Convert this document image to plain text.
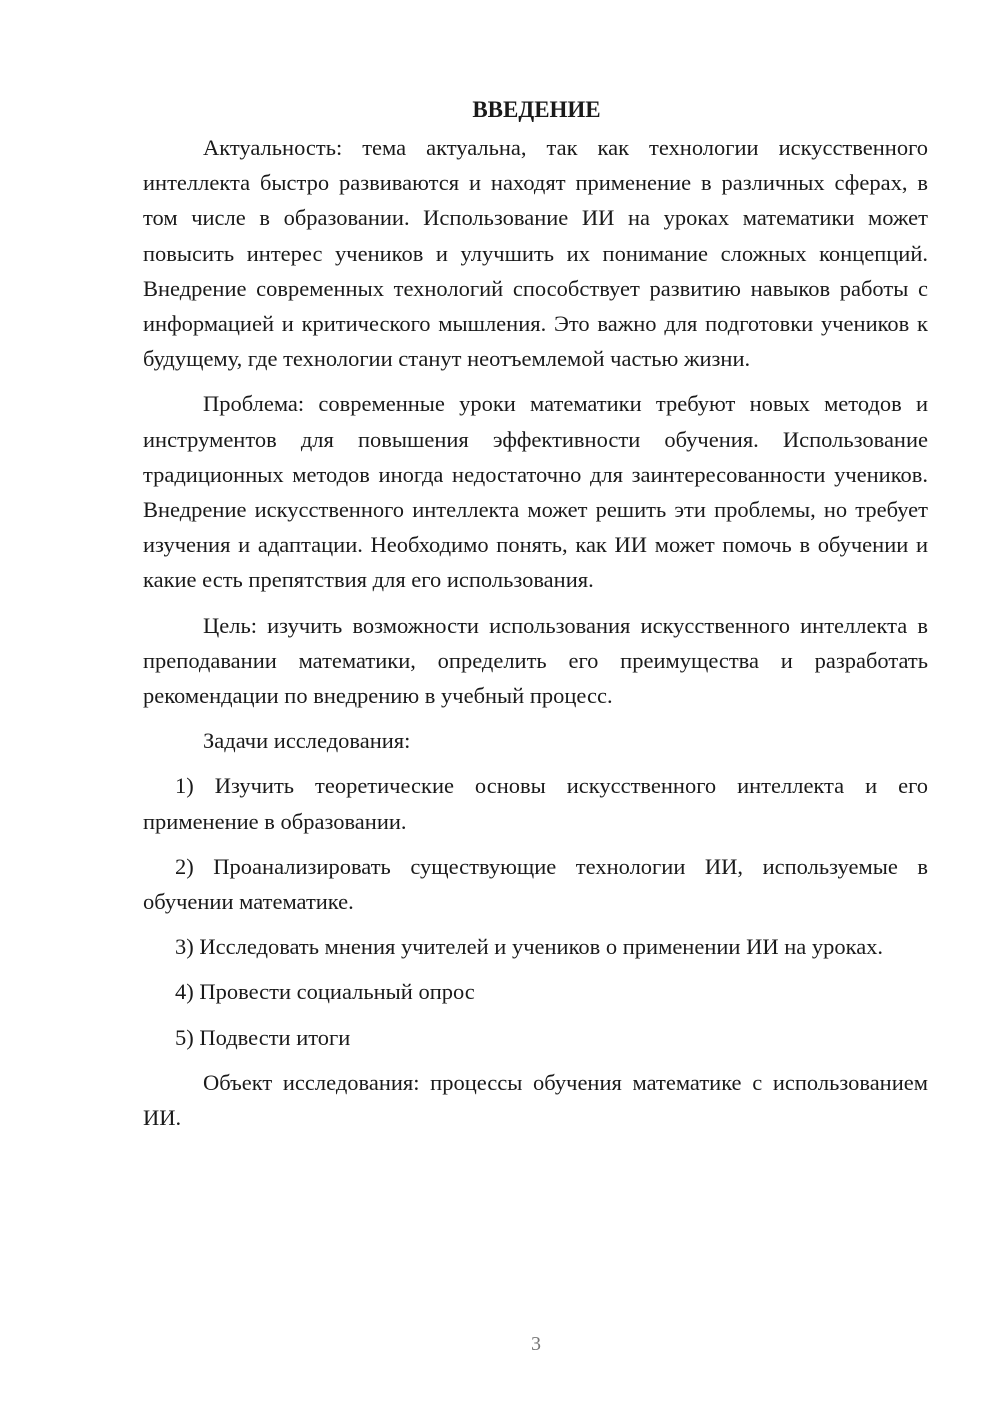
ВВЕДЕНИЕ

Актуальность: тема актуальна, так как технологии искусственного интеллекта быстро развиваются и находят применение в различных сферах, в том числе в образовании. Использование ИИ на уроках математики может повысить интерес учеников и улучшить их понимание сложных концепций. Внедрение современных технологий способствует развитию навыков работы с информацией и критического мышления. Это важно для подготовки учеников к будущему, где технологии станут неотъемлемой частью жизни.

Проблема: современные уроки математики требуют новых методов и инструментов для повышения эффективности обучения. Использование традиционных методов иногда недостаточно для заинтересованности учеников. Внедрение искусственного интеллекта может решить эти проблемы, но требует изучения и адаптации. Необходимо понять, как ИИ может помочь в обучении и какие есть препятствия для его использования.

Цель: изучить возможности использования искусственного интеллекта в преподавании математики, определить его преимущества и разработать рекомендации по внедрению в учебный процесс.

Задачи исследования:

1) Изучить теоретические основы искусственного интеллекта и его применение в образовании.

2) Проанализировать существующие технологии ИИ, используемые в обучении математике.

3) Исследовать мнения учителей и учеников о применении ИИ на уроках.

4) Провести социальный опрос

5) Подвести итоги

Объект исследования: процессы обучения математике с использованием ИИ.

3
